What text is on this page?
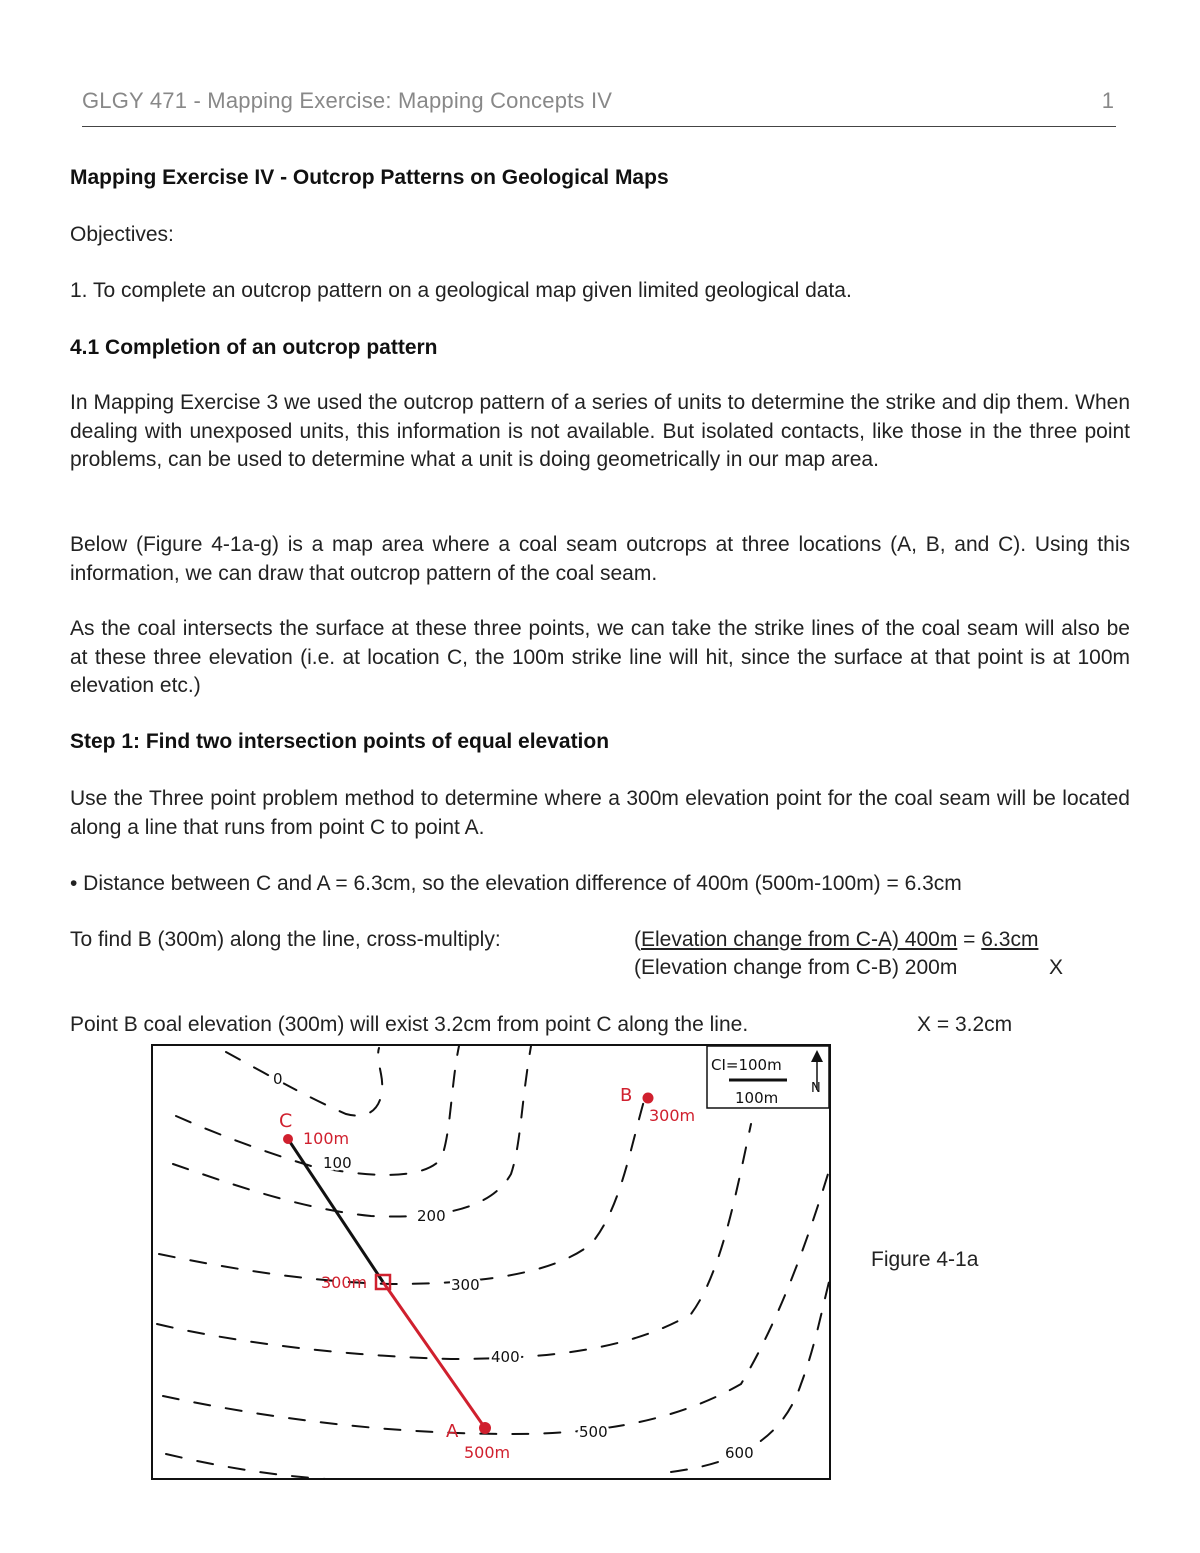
GLGY 471 - Mapping Exercise: Mapping Concepts IV	1
Mapping Exercise IV - Outcrop Patterns on Geological Maps
Objectives:
1. To complete an outcrop pattern on a geological map given limited geological data.
4.1 Completion of an outcrop pattern
In Mapping Exercise 3 we used the outcrop pattern of a series of units to determine the strike and dip them. When dealing with unexposed units, this information is not available. But isolated contacts, like those in the three point problems, can be used to determine what a unit is doing geometrically in our map area.
Below (Figure 4-1a-g) is a map area where a coal seam outcrops at three locations (A, B, and C). Using this information, we can draw that outcrop pattern of the coal seam.
As the coal intersects the surface at these three points, we can take the strike lines of the coal seam will also be at these three elevation (i.e. at location C, the 100m strike line will hit, since the surface at that point is at 100m elevation etc.)
Step 1: Find two intersection points of equal elevation
Use the Three point problem method to determine where a 300m elevation point for the coal seam will be located along a line that runs from point C to point A.
• Distance between C and A = 6.3cm, so the elevation difference of 400m (500m-100m) = 6.3cm
To find B (300m) along the line, cross-multiply:	(Elevation change from C-A) 400m = 6.3cm
(Elevation change from C-B) 200m	X
Point B coal elevation (300m) will exist 3.2cm from point C along the line.	X = 3.2cm
0
100
200
300
400
500
600
C
100m
B
300m
300m
A
500m
CI=100m
100m
N
Figure 4-1a
